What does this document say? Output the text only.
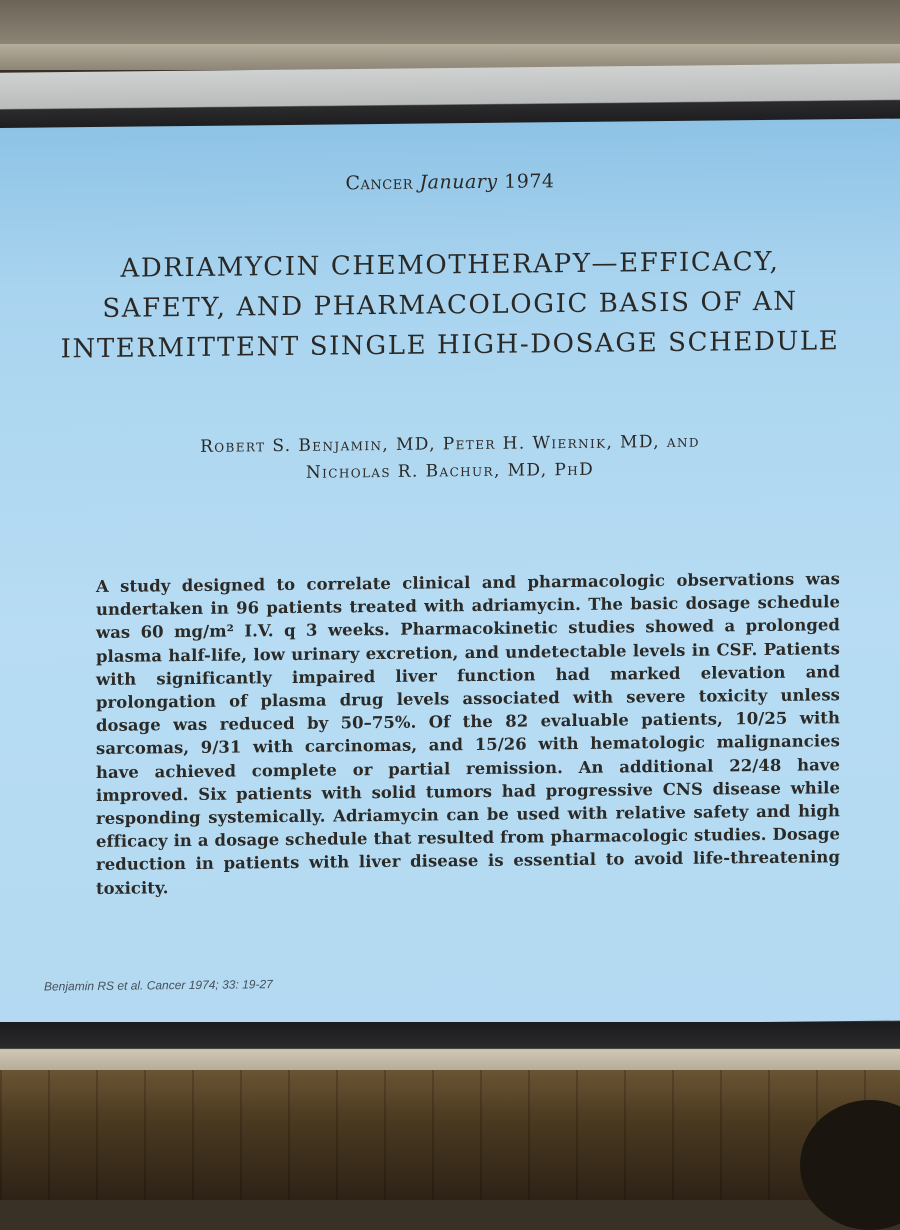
Cancer January 1974
ADRIAMYCIN CHEMOTHERAPY—EFFICACY, SAFETY, AND PHARMACOLOGIC BASIS OF AN INTERMITTENT SINGLE HIGH-DOSAGE SCHEDULE
Robert S. Benjamin, MD, Peter H. Wiernik, MD, and
Nicholas R. Bachur, MD, PhD
A study designed to correlate clinical and pharmacologic observations was undertaken in 96 patients treated with adriamycin. The basic dosage schedule was 60 mg/m² I.V. q 3 weeks. Pharmacokinetic studies showed a prolonged plasma half-life, low urinary excretion, and undetectable levels in CSF. Patients with significantly impaired liver function had marked elevation and prolongation of plasma drug levels associated with severe toxicity unless dosage was reduced by 50–75%. Of the 82 evaluable patients, 10/25 with sarcomas, 9/31 with carcinomas, and 15/26 with hematologic malignancies have achieved complete or partial remission. An additional 22/48 have improved. Six patients with solid tumors had progressive CNS disease while responding systemically. Adriamycin can be used with relative safety and high efficacy in a dosage schedule that resulted from pharmacologic studies. Dosage reduction in patients with liver disease is essential to avoid life-threatening toxicity.
Benjamin RS et al. Cancer 1974; 33: 19-27
